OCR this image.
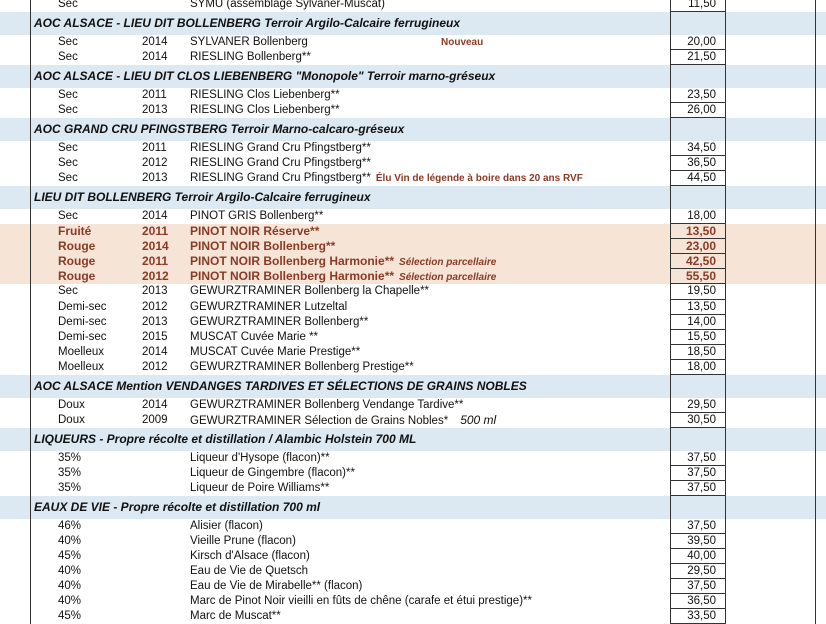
Sec	SYMU (assemblage Sylvaner-Muscat)	11,50
AOC ALSACE - LIEU DIT BOLLENBERG Terroir Argilo-Calcaire ferrugineux
Sec	2014 SYLVANER Bollenberg	Nouveau	20,00
Sec	2014 RIESLING Bollenberg**	21,50
AOC ALSACE - LIEU DIT CLOS LIEBENBERG "Monopole" Terroir marno-gréseux
Sec	2011 RIESLING Clos Liebenberg**	23,50
Sec	2013 RIESLING Clos Liebenberg**	26,00
AOC GRAND CRU PFINGSTBERG Terroir Marno-calcaro-gréseux
Sec	2011 RIESLING Grand Cru Pfingstberg**	34,50
Sec	2012 RIESLING Grand Cru Pfingstberg**	36,50
Sec	2013 RIESLING Grand Cru Pfingstberg** Élu Vin de légende à boire dans 20 ans RVF	44,50
LIEU DIT BOLLENBERG Terroir Argilo-Calcaire ferrugineux
Sec	2014 PINOT GRIS Bollenberg**	18,00
Fruité	2011 PINOT NOIR Réserve**	13,50
Rouge	2014 PINOT NOIR Bollenberg**	23,00
Rouge	2011 PINOT NOIR Bollenberg Harmonie** Sélection parcellaire	42,50
Rouge	2012 PINOT NOIR Bollenberg Harmonie** Sélection parcellaire	55,50
Sec	2013 GEWURZTRAMINER Bollenberg la Chapelle**	19,50
Demi-sec	2012 GEWURZTRAMINER Lutzeltal	13,50
Demi-sec	2013 GEWURZTRAMINER Bollenberg**	14,00
Demi-sec	2015 MUSCAT Cuvée Marie **	15,50
Moelleux	2014 MUSCAT Cuvée Marie Prestige**	18,50
Moelleux	2012 GEWURZTRAMINER Bollenberg Prestige**	18,00
AOC ALSACE Mention VENDANGES TARDIVES ET SÉLECTIONS DE GRAINS NOBLES
Doux	2014 GEWURZTRAMINER Bollenberg Vendange Tardive**	29,50
Doux	2009 GEWURZTRAMINER Sélection de Grains Nobles* 500 ml	30,50
LIQUEURS - Propre récolte et distillation / Alambic Holstein 700 ML
35%	Liqueur d'Hysope (flacon)**	37,50
35%	Liqueur de Gingembre (flacon)**	37,50
35%	Liqueur de Poire Williams**	37,50
EAUX DE VIE - Propre récolte et distillation 700 ml
46%	Alisier (flacon)	37,50
40%	Vieille Prune (flacon)	39,50
45%	Kirsch d'Alsace (flacon)	40,00
40%	Eau de Vie de Quetsch	29,50
40%	Eau de Vie de Mirabelle** (flacon)	37,50
40%	Marc de Pinot Noir vieilli en fûts de chêne (carafe et étui prestige)**	36,50
45%	Marc de Muscat**	33,50
